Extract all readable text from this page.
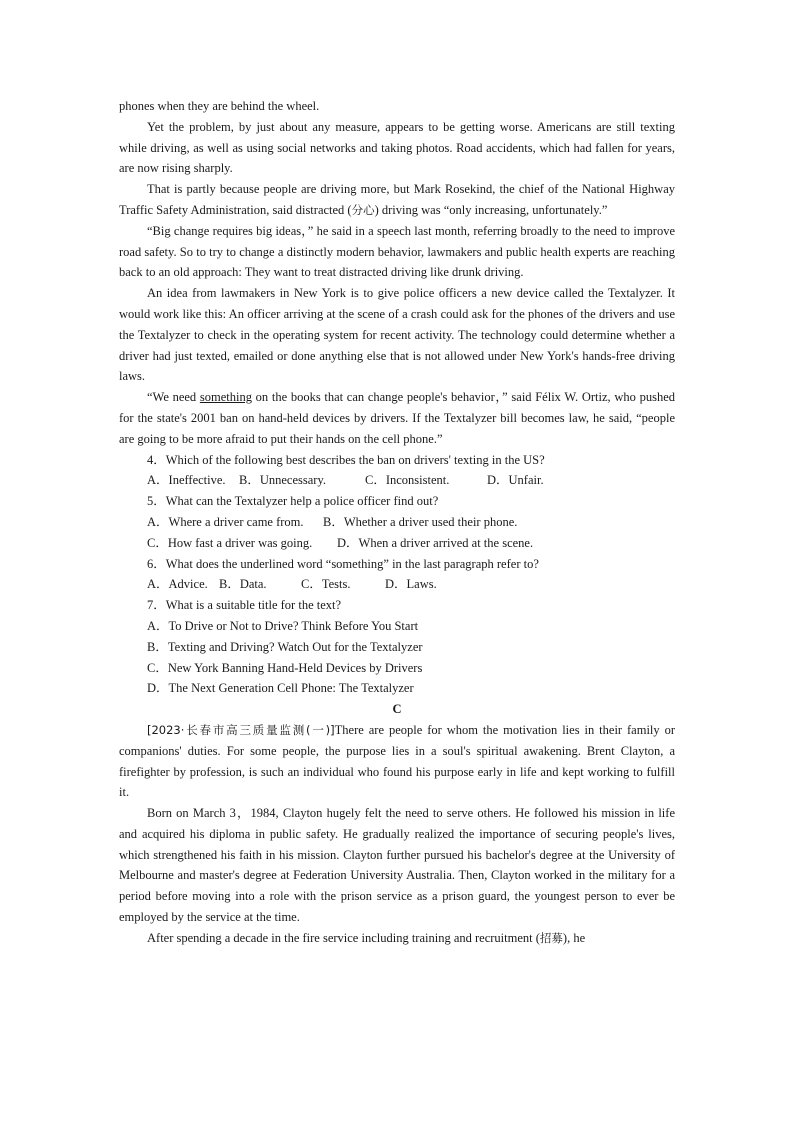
phones when they are behind the wheel.

Yet the problem, by just about any measure, appears to be getting worse. Americans are still texting while driving, as well as using social networks and taking photos. Road accidents, which had fallen for years, are now rising sharply.

That is partly because people are driving more, but Mark Rosekind, the chief of the National Highway Traffic Safety Administration, said distracted (分心) driving was “only increasing, unfortunately.”

“Big change requires big ideas，” he said in a speech last month, referring broadly to the need to improve road safety. So to try to change a distinctly modern behavior, lawmakers and public health experts are reaching back to an old approach: They want to treat distracted driving like drunk driving.

An idea from lawmakers in New York is to give police officers a new device called the Textalyzer. It would work like this: An officer arriving at the scene of a crash could ask for the phones of the drivers and use the Textalyzer to check in the operating system for recent activity. The technology could determine whether a driver had just texted, emailed or done anything else that is not allowed under New York's hands-free driving laws.

“We need something on the books that can change people's behavior，” said Félix W. Ortiz, who pushed for the state's 2001 ban on hand-held devices by drivers. If the Textalyzer bill becomes law, he said, “people are going to be more afraid to put their hands on the cell phone.”

4．Which of the following best describes the ban on drivers' texting in the US?

A．Ineffective. B．Unnecessary.	C．Inconsistent.	D．Unfair.

5．What can the Textalyzer help a police officer find out?

A．Where a driver came from. B．Whether a driver used their phone.

C．How fast a driver was going. D．When a driver arrived at the scene.

6．What does the underlined word “something” in the last paragraph refer to?

A．Advice. B．Data.	C．Tests.	D．Laws.

7．What is a suitable title for the text?

A．To Drive or Not to Drive? Think Before You Start

B．Texting and Driving? Watch Out for the Textalyzer

C．New York Banning Hand-Held Devices by Drivers

D．The Next Generation Cell Phone: The Textalyzer

C

[2023·长春市高三质量监测(一)]There are people for whom the motivation lies in their family or companions' duties. For some people, the purpose lies in a soul's spiritual awakening. Brent Clayton, a firefighter by profession, is such an individual who found his purpose early in life and kept working to fulfill it.

Born on March 3，1984, Clayton hugely felt the need to serve others. He followed his mission in life and acquired his diploma in public safety. He gradually realized the importance of securing people's lives, which strengthened his faith in his mission. Clayton further pursued his bachelor's degree at the University of Melbourne and master's degree at Federation University Australia. Then, Clayton worked in the military for a period before moving into a role with the prison service as a prison guard, the youngest person to ever be employed by the service at the time.

After spending a decade in the fire service including training and recruitment (招募), he
